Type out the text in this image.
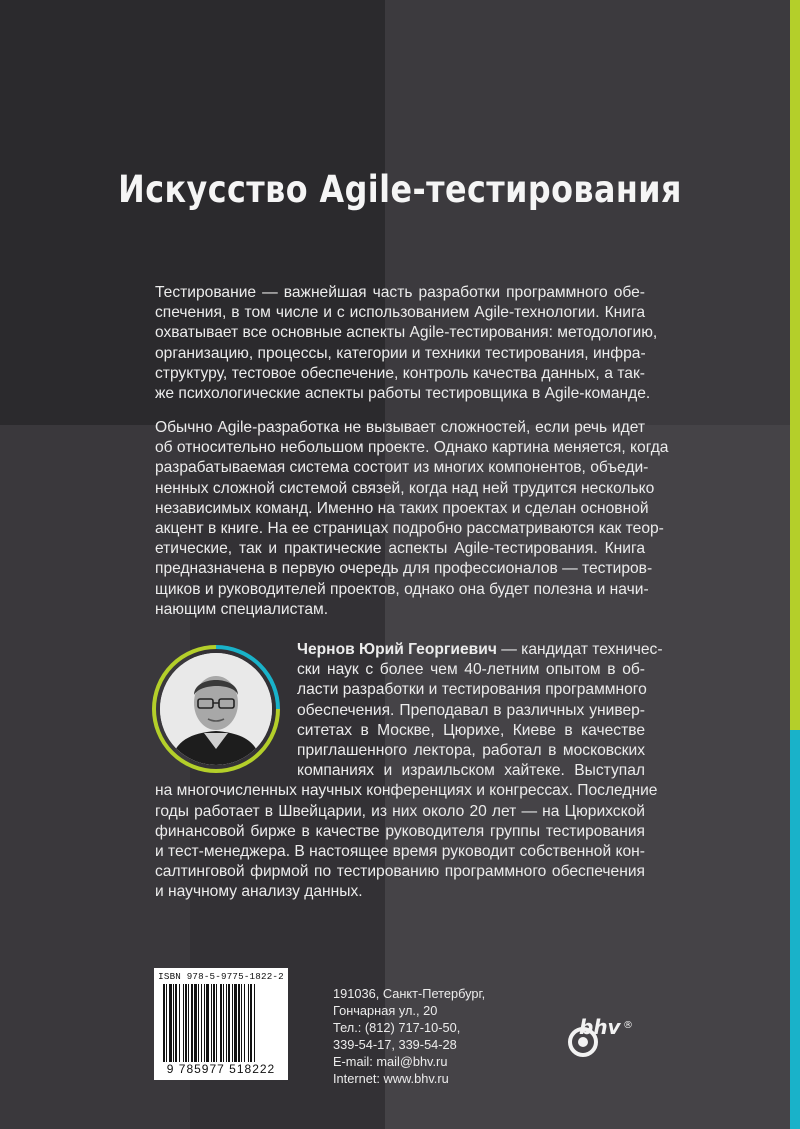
Искусство Agile-тестирования
Тестирование — важнейшая часть разработки программного обе-
спечения, в том числе и с использованием Agile-технологии. Книга
охватывает все основные аспекты Agile-тестирования: методологию,
организацию, процессы, категории и техники тестирования, инфра-
структуру, тестовое обеспечение, контроль качества данных, а так-
же психологические аспекты работы тестировщика в Agile-команде.
Обычно Agile-разработка не вызывает сложностей, если речь идет
об относительно небольшом проекте. Однако картина меняется, когда
разрабатываемая система состоит из многих компонентов, объеди-
ненных сложной системой связей, когда над ней трудится несколько
независимых команд. Именно на таких проектах и сделан основной
акцент в книге. На ее страницах подробно рассматриваются как теор-
етические, так и практические аспекты Agile-тестирования. Книга
предназначена в первую очередь для профессионалов — тестиров-
щиков и руководителей проектов, однако она будет полезна и начи-
нающим специалистам.
Чернов Юрий Георгиевич — кандидат техничес-
ски наук с более чем 40-летним опытом в об-
ласти разработки и тестирования программного
обеспечения. Преподавал в различных универ-
ситетах в Москве, Цюрихе, Киеве в качестве
приглашенного лектора, работал в московских
компаниях и израильском хайтеке. Выступал
на многочисленных научных конференциях и конгрессах. Последние
годы работает в Швейцарии, из них около 20 лет — на Цюрихской
финансовой бирже в качестве руководителя группы тестирования
и тест-менеджера. В настоящее время руководит собственной кон-
салтинговой фирмой по тестированию программного обеспечения
и научному анализу данных.
ISBN 978-5-9775-1822-2
9 785977 518222
191036, Санкт-Петербург,
Гончарная ул., 20
Тел.: (812) 717-10-50,
339-54-17, 339-54-28
E-mail: mail@bhv.ru
Internet: www.bhv.ru
bhv ®
